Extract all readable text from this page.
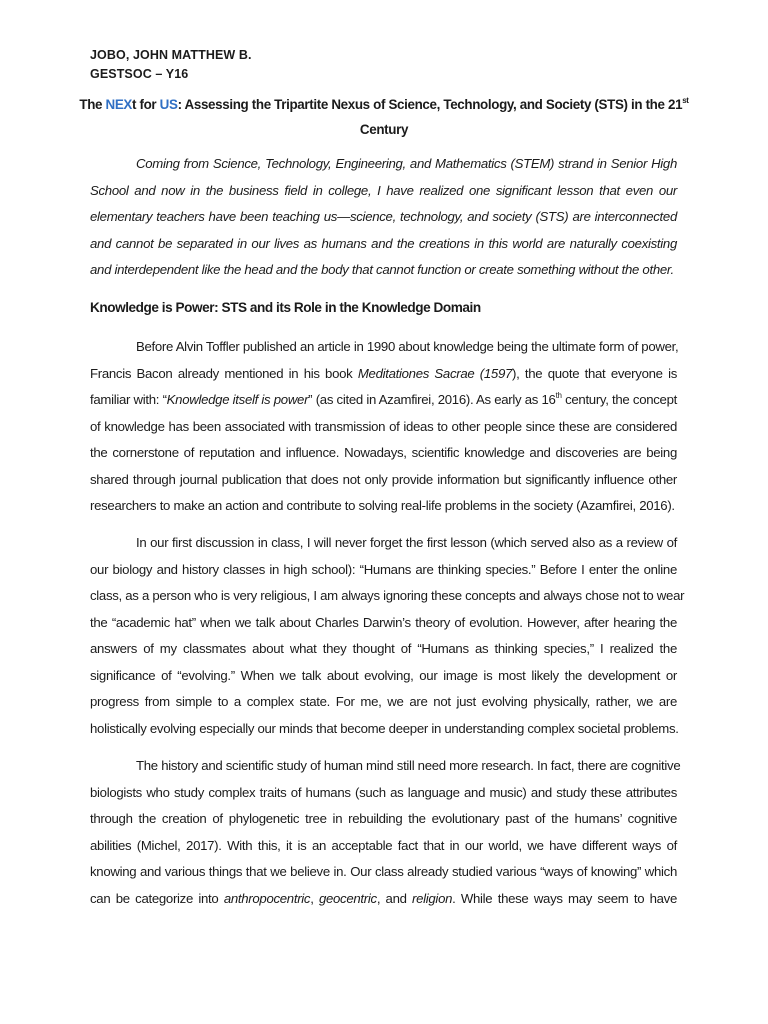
JOBO, JOHN MATTHEW B.
GESTSOC – Y16
The NEXt for US: Assessing the Tripartite Nexus of Science, Technology, and Society (STS) in the 21st
Century
Coming from Science, Technology, Engineering, and Mathematics (STEM) strand in Senior High
School and now in the business field in college, I have realized one significant lesson that even our
elementary teachers have been teaching us—science, technology, and society (STS) are interconnected
and cannot be separated in our lives as humans and the creations in this world are naturally coexisting
and interdependent like the head and the body that cannot function or create something without the other.
Knowledge is Power: STS and its Role in the Knowledge Domain
Before Alvin Toffler published an article in 1990 about knowledge being the ultimate form of power,
Francis Bacon already mentioned in his book Meditationes Sacrae (1597), the quote that everyone is
familiar with: “Knowledge itself is power” (as cited in Azamfirei, 2016). As early as 16th century, the concept
of knowledge has been associated with transmission of ideas to other people since these are considered
the cornerstone of reputation and influence. Nowadays, scientific knowledge and discoveries are being
shared through journal publication that does not only provide information but significantly influence other
researchers to make an action and contribute to solving real-life problems in the society (Azamfirei, 2016).
In our first discussion in class, I will never forget the first lesson (which served also as a review of
our biology and history classes in high school): “Humans are thinking species.” Before I enter the online
class, as a person who is very religious, I am always ignoring these concepts and always chose not to wear
the “academic hat” when we talk about Charles Darwin’s theory of evolution. However, after hearing the
answers of my classmates about what they thought of “Humans as thinking species,” I realized the
significance of “evolving.” When we talk about evolving, our image is most likely the development or
progress from simple to a complex state. For me, we are not just evolving physically, rather, we are
holistically evolving especially our minds that become deeper in understanding complex societal problems.
The history and scientific study of human mind still need more research. In fact, there are cognitive
biologists who study complex traits of humans (such as language and music) and study these attributes
through the creation of phylogenetic tree in rebuilding the evolutionary past of the humans’ cognitive
abilities (Michel, 2017). With this, it is an acceptable fact that in our world, we have different ways of
knowing and various things that we believe in. Our class already studied various “ways of knowing” which
can be categorize into anthropocentric, geocentric, and religion. While these ways may seem to have
